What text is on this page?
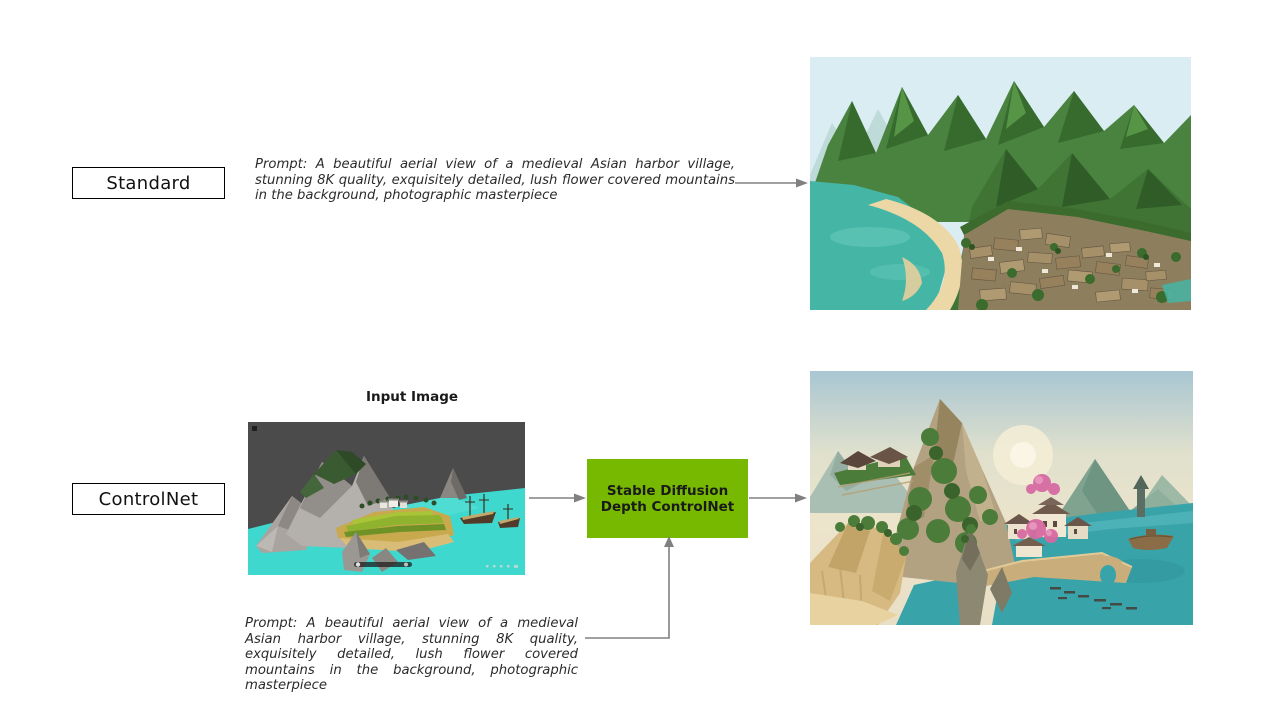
Standard
Prompt: A beautiful aerial view of a medieval Asian harbor village, stunning 8K quality, exquisitely detailed, lush flower covered mountains in the background, photographic masterpiece
Input Image
ControlNet	Stable Diffusion
Depth ControlNet
Prompt: A beautiful aerial view of a medieval Asian harbor village, stunning 8K quality, exquisitely detailed, lush flower covered mountains in the background, photographic masterpiece
